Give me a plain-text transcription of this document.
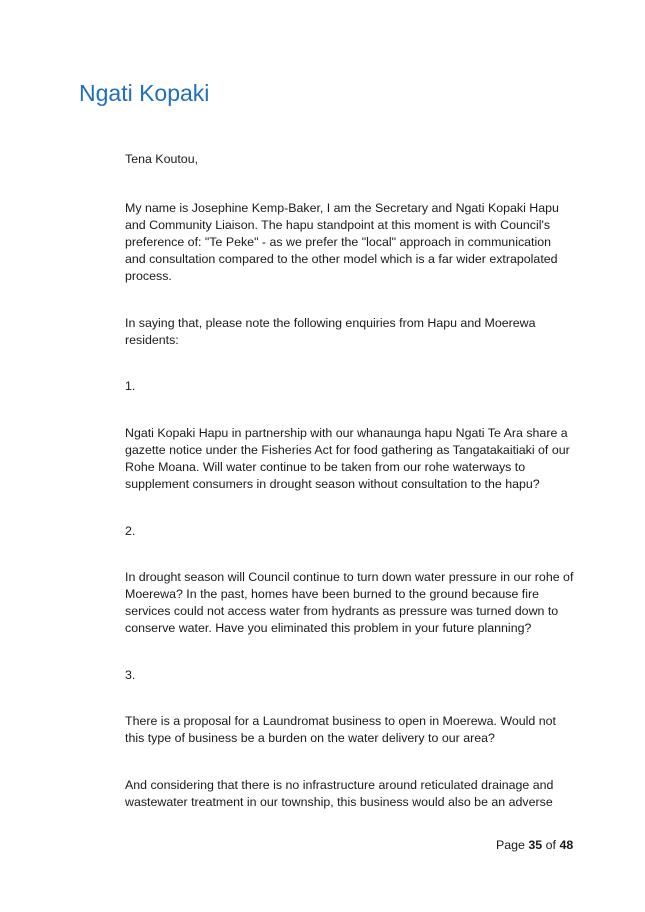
Ngati Kopaki

Tena Koutou,

My name is Josephine Kemp-Baker, I am the Secretary and Ngati Kopaki Hapu and Community Liaison. The hapu standpoint at this moment is with Council's preference of: "Te Peke" - as we prefer the "local" approach in communication and consultation compared to the other model which is a far wider extrapolated process.

In saying that, please note the following enquiries from Hapu and Moerewa residents:

1.

Ngati Kopaki Hapu in partnership with our whanaunga hapu Ngati Te Ara share a gazette notice under the Fisheries Act for food gathering as Tangatakaitiaki of our Rohe Moana. Will water continue to be taken from our rohe waterways to supplement consumers in drought season without consultation to the hapu?

2.

In drought season will Council continue to turn down water pressure in our rohe of Moerewa? In the past, homes have been burned to the ground because fire services could not access water from hydrants as pressure was turned down to conserve water. Have you eliminated this problem in your future planning?

3.

There is a proposal for a Laundromat business to open in Moerewa. Would not this type of business be a burden on the water delivery to our area?

And considering that there is no infrastructure around reticulated drainage and wastewater treatment in our township, this business would also be an adverse

Page 35 of 48
